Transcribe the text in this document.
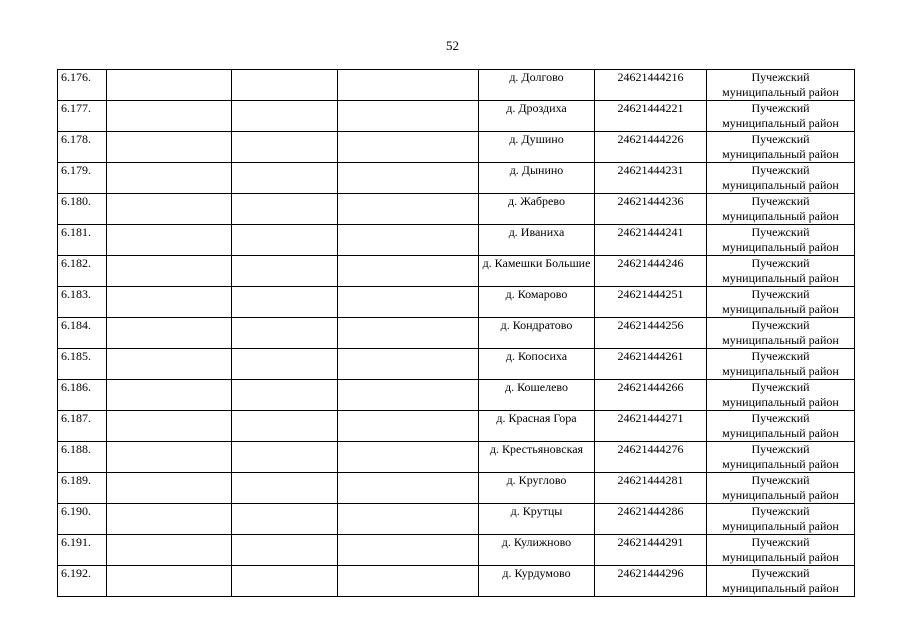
52
6.176.				д. Долгово	24621444216	Пучежский муниципальный район
6.177.				д. Дроздиха	24621444221	Пучежский муниципальный район
6.178.				д. Душино	24621444226	Пучежский муниципальный район
6.179.				д. Дынино	24621444231	Пучежский муниципальный район
6.180.				д. Жабрево	24621444236	Пучежский муниципальный район
6.181.				д. Иваниха	24621444241	Пучежский муниципальный район
6.182.				д. Камешки Большие	24621444246	Пучежский муниципальный район
6.183.				д. Комарово	24621444251	Пучежский муниципальный район
6.184.				д. Кондратово	24621444256	Пучежский муниципальный район
6.185.				д. Копосиха	24621444261	Пучежский муниципальный район
6.186.				д. Кошелево	24621444266	Пучежский муниципальный район
6.187.				д. Красная Гора	24621444271	Пучежский муниципальный район
6.188.				д. Крестьяновская	24621444276	Пучежский муниципальный район
6.189.				д. Круглово	24621444281	Пучежский муниципальный район
6.190.				д. Крутцы	24621444286	Пучежский муниципальный район
6.191.				д. Кулижново	24621444291	Пучежский муниципальный район
6.192.				д. Курдумово	24621444296	Пучежский муниципальный район
